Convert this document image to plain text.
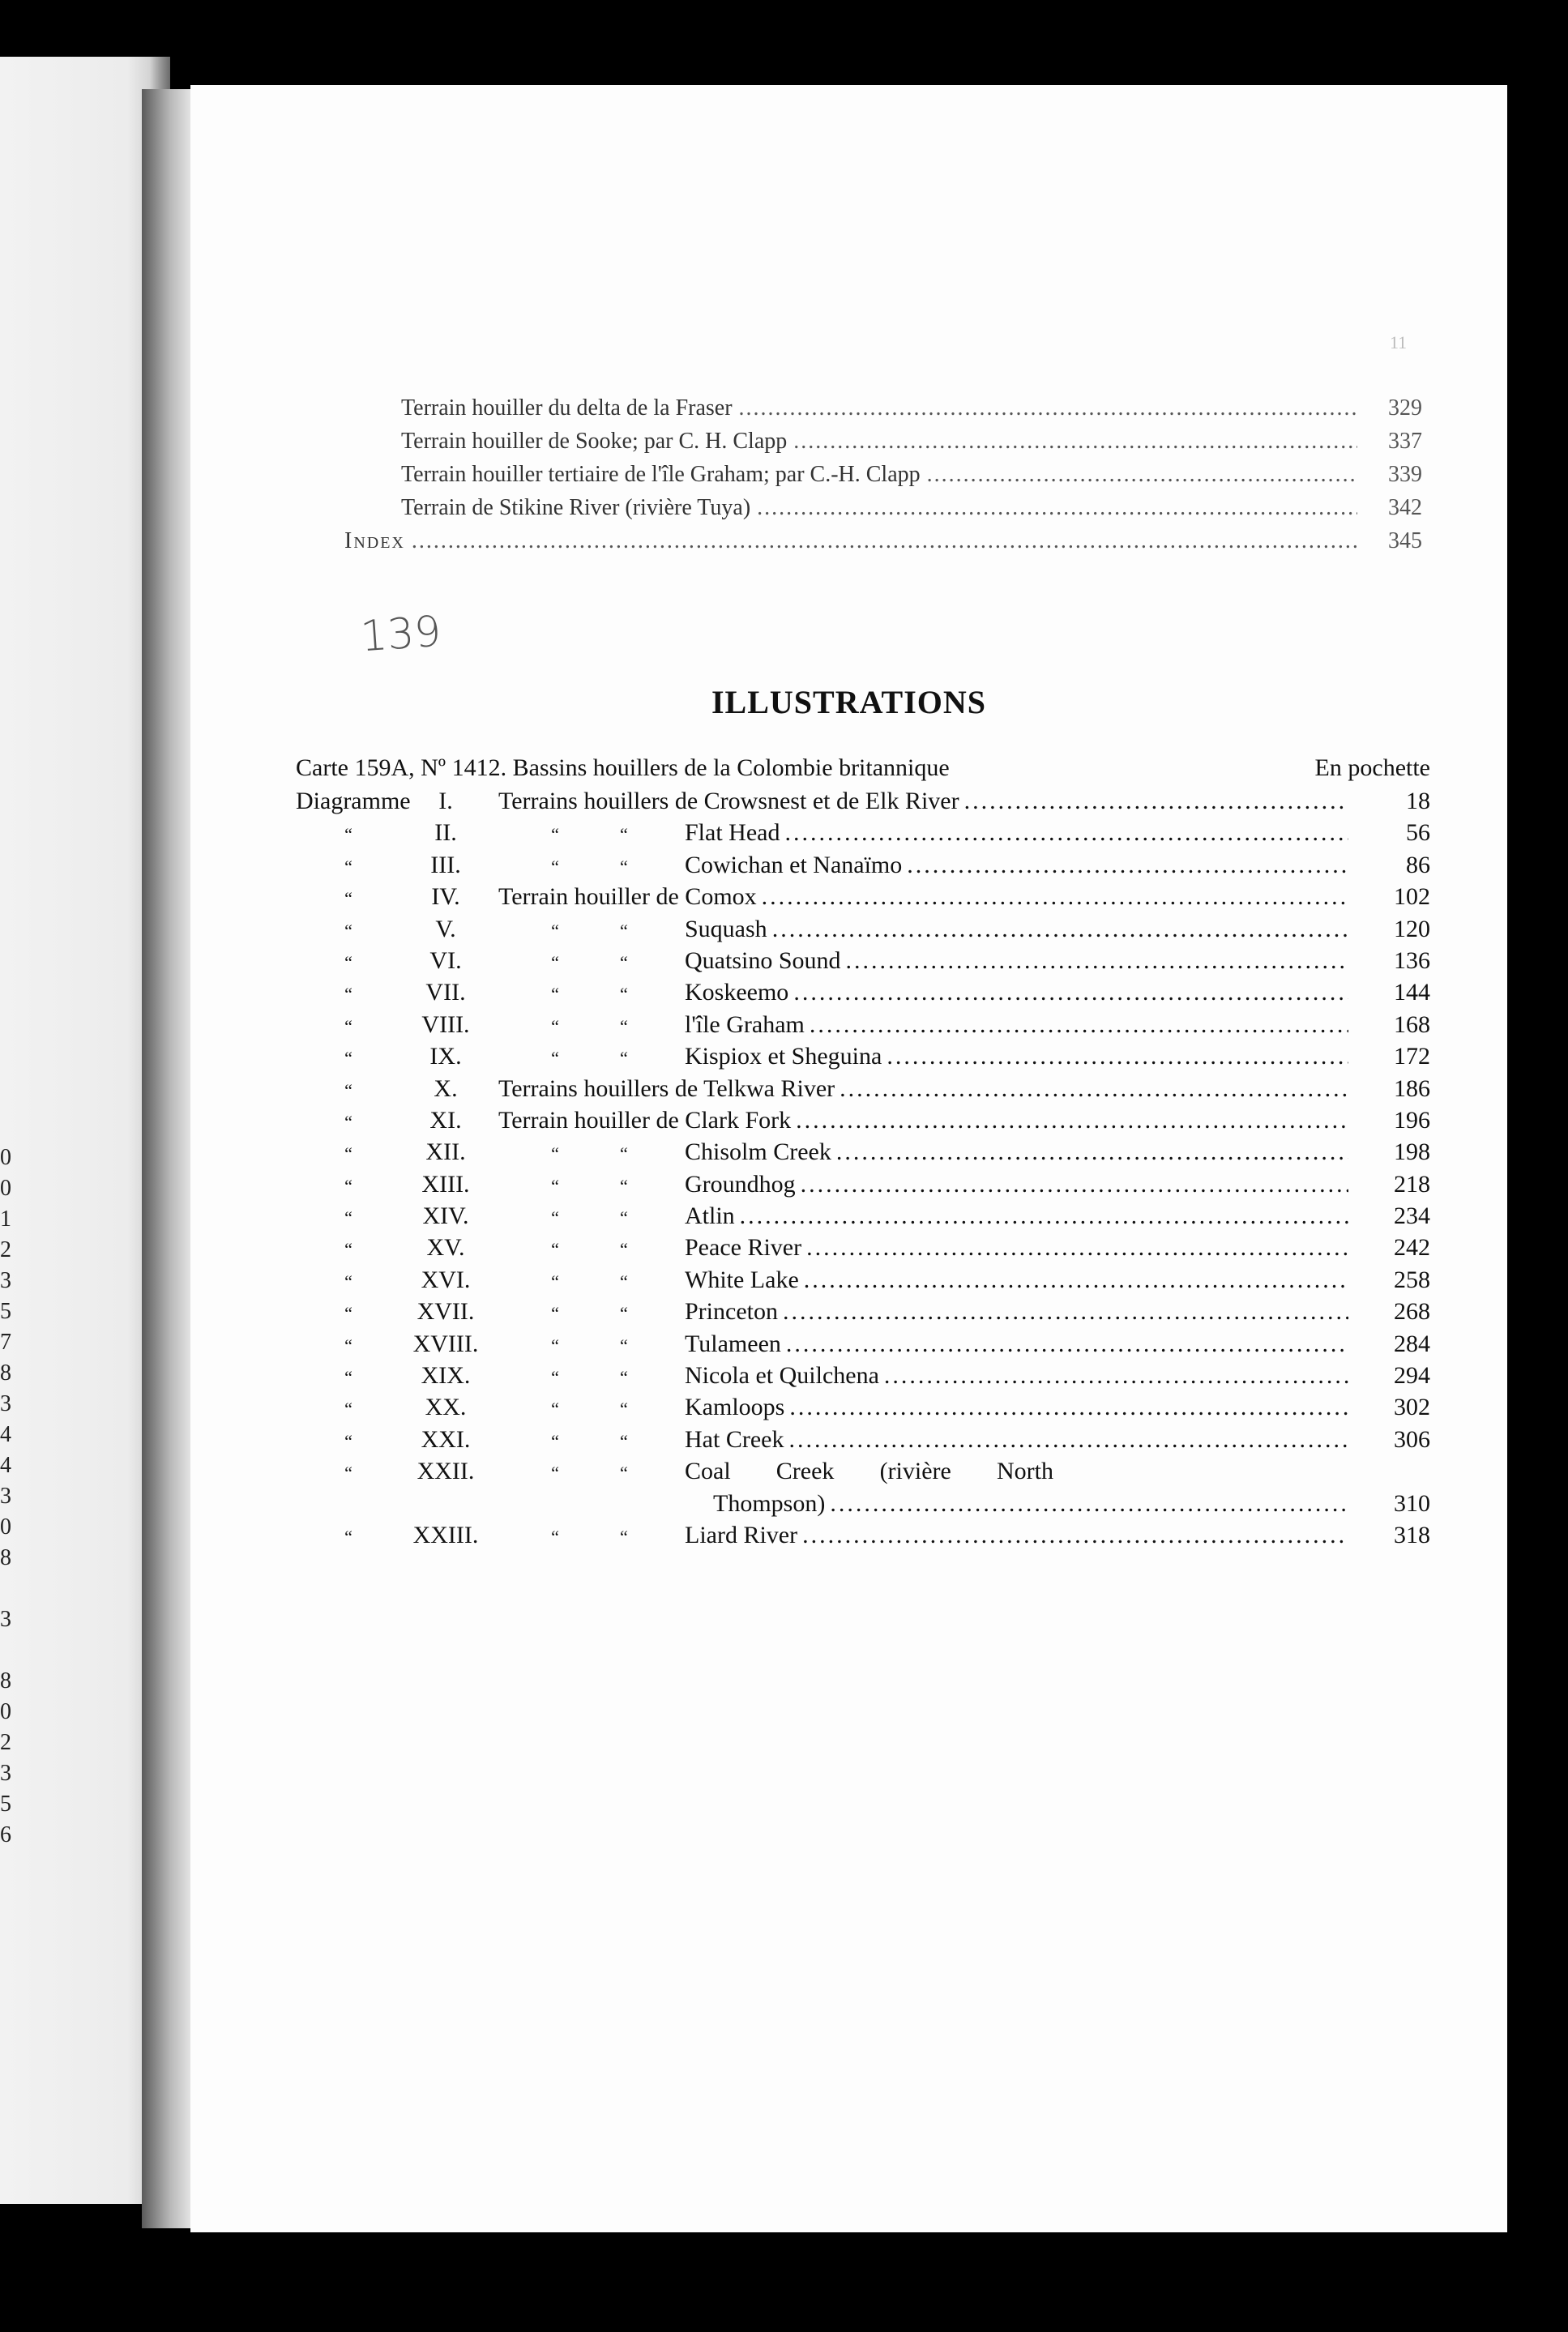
0
0
1
2
3
5
7
8
3
4
4
3
0
8
3
8
0
2
3
5
6
11
Terrain houiller du delta de la Fraser .....	329
Terrain houiller de Sooke; par C. H. Clapp .....	337
Terrain houiller tertiaire de l'île Graham; par C.-H. Clapp .....	339
Terrain de Stikine River (rivière Tuya) .....	342
Index .....	345
139
ILLUSTRATIONS
Carte 159A, Nº 1412. Bassins houillers de la Colombie britannique	En pochette
Diagramme	I.	Terrains houillers de Crowsnest et de Elk River .....	18
“	II.	“	“	Flat Head .....	56
“	III.	“	“	Cowichan et Nanaïmo .....	86
“	IV.	Terrain houiller de Comox .....	102
“	V.	“	“	Suquash .....	120
“	VI.	“	“	Quatsino Sound .....	136
“	VII.	“	“	Koskeemo .....	144
“	VIII.	“	“	l'île Graham .....	168
“	IX.	“	“	Kispiox et Sheguina .....	172
“	X.	Terrains houillers de Telkwa River .....	186
“	XI.	Terrain houiller de Clark Fork .....	196
“	XII.	“	“	Chisolm Creek .....	198
“	XIII.	“	“	Groundhog .....	218
“	XIV.	“	“	Atlin .....	234
“	XV.	“	“	Peace River .....	242
“	XVI.	“	“	White Lake .....	258
“	XVII.	“	“	Princeton .....	268
“	XVIII.	“	“	Tulameen .....	284
“	XIX.	“	“	Nicola et Quilchena .....	294
“	XX.	“	“	Kamloops .....	302
“	XXI.	“	“	Hat Creek .....	306
“	XXII.	“	“	Coal Creek (rivière North
Thompson) .....	310
“	XXIII.	“	“	Liard River .....	318
